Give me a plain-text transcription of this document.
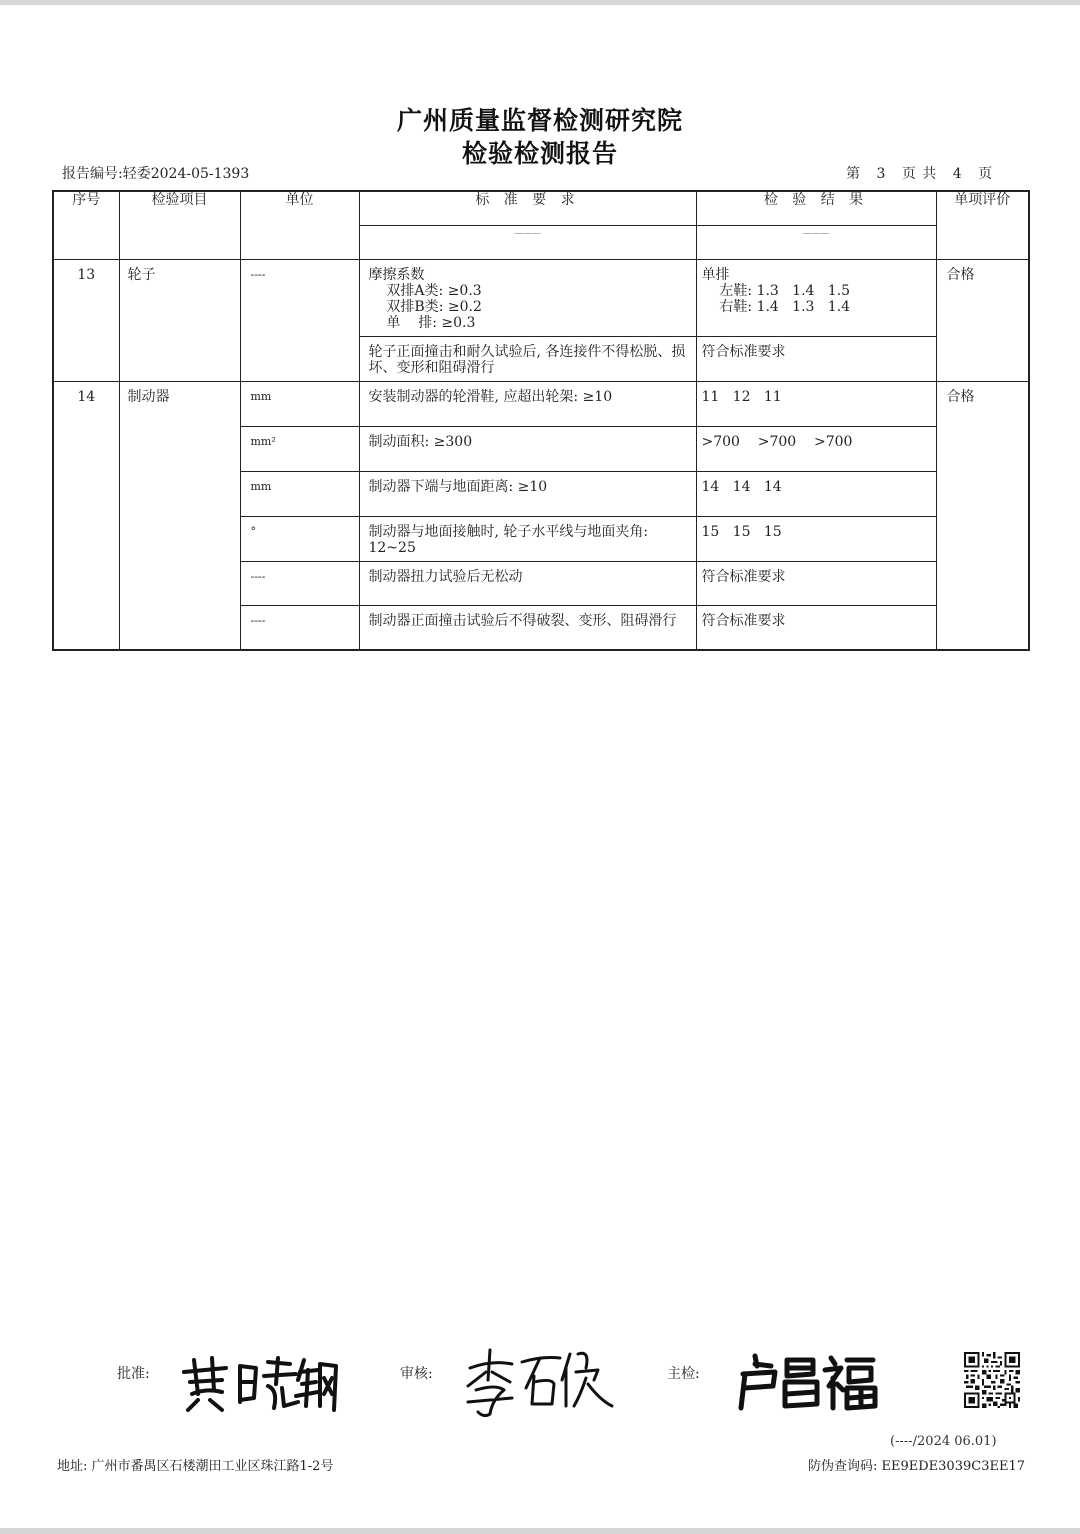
广州质量监督检测研究院
检验检测报告
报告编号:轻委2024-05-1393	第 3 页 共 4 页
序号	检验项目	单位	标 准 要 求	检 验 结 果	单项评价
			———	———	
13	轮子	----	摩擦系数
双排A类: ≥0.3
双排B类: ≥0.2
单    排: ≥0.3	单排
左鞋: 1.3   1.4   1.5
右鞋: 1.4   1.3   1.4	合格
			轮子正面撞击和耐久试验后, 各连接件不得松脱、损坏、变形和阻碍滑行	符合标准要求	
14	制动器	mm	安装制动器的轮滑鞋, 应超出轮架: ≥10	11   12   11	合格
		mm²	制动面积: ≥300	>700    >700    >700	

		mm	制动器下端与地面距离: ≥10	14   14   14	

		°	制动器与地面接触时, 轮子水平线与地面夹角: 12~25	15   15   15	

		----	制动器扭力试验后无松动	符合标准要求	

		----	制动器正面撞击试验后不得破裂、变形、阻碍滑行	符合标准要求	
批准:	审核:	主检:
(----/2024 06.01)
地址: 广州市番禺区石楼潮田工业区珠江路1-2号	防伪查询码: EE9EDE3039C3EE17
